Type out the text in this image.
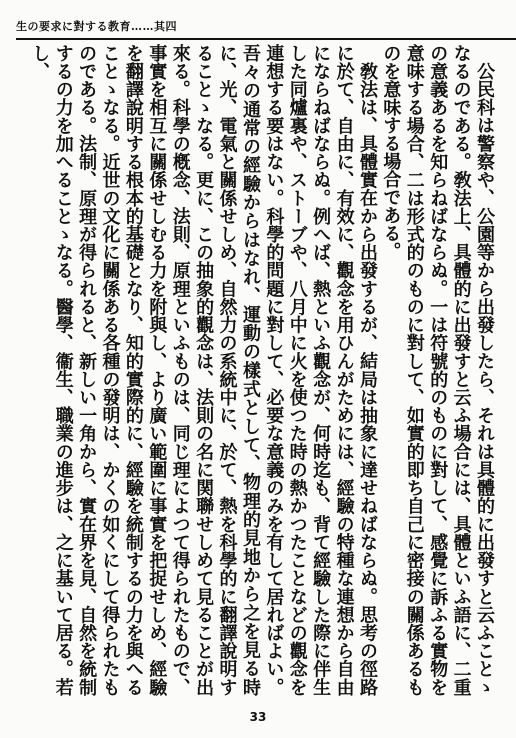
生の要求に對する教育……其四

公民科は警察や、公園等から出發したら、それは具體的に出發すと云ふことゝなるのである。敎法上、具體的に出發すと云ふ場合には、具體といふ語に、二重の意義あるを知らねばならぬ。一は符號的のものに對して、感覺に訴ふる實物を意味する場合、二は形式的のものに對して、如實的即ち自己に密接の關係あるものを意味する場合である。

敎法は、具體實在から出發するが、結局は抽象に達せねばならぬ。思考の徑路に於て、自由に、有效に、觀念を用ひんがためには、經驗の特種な連想から自由にならねばならぬ。例へば、熱といふ觀念が、何時迄も、背て經驗した際に伴生した同爐裏や、ストーブや、八月中に火を使つた時の熱かつたことなどの觀念を連想する要はない。科學的問題に對して、必要な意義のみを有して居ればよい。吾々の通常の經驗からはなれ、運動の樣式として、物理的見地から之を見る時に、光、電氣と關係せしめ、自然力の系統中に、於て、熱を科學的に翻譯說明することゝなる。更に、この抽象的觀念は、法則の名に関聯せしめて見ることが出來る。科學の槪念、法則、原理といふものは、同じ理によつて得られたもので、事實を相互に關係せしむる力を附與し、より廣い範圍に事實を把捉せしめ、經驗を翻譯說明する根本的基礎となり、知的實際的に、經驗を統制するの力を與へることゝなる。近世の文化に關係ある各種の發明は、かくの如くにして得られたものである。法制、原理が得られると、新しい一角から、實在界を見、自然を統制するの力を加へることゝなる。醫學、衞生、職業の進步は、之に基いて居る。若し、

33
